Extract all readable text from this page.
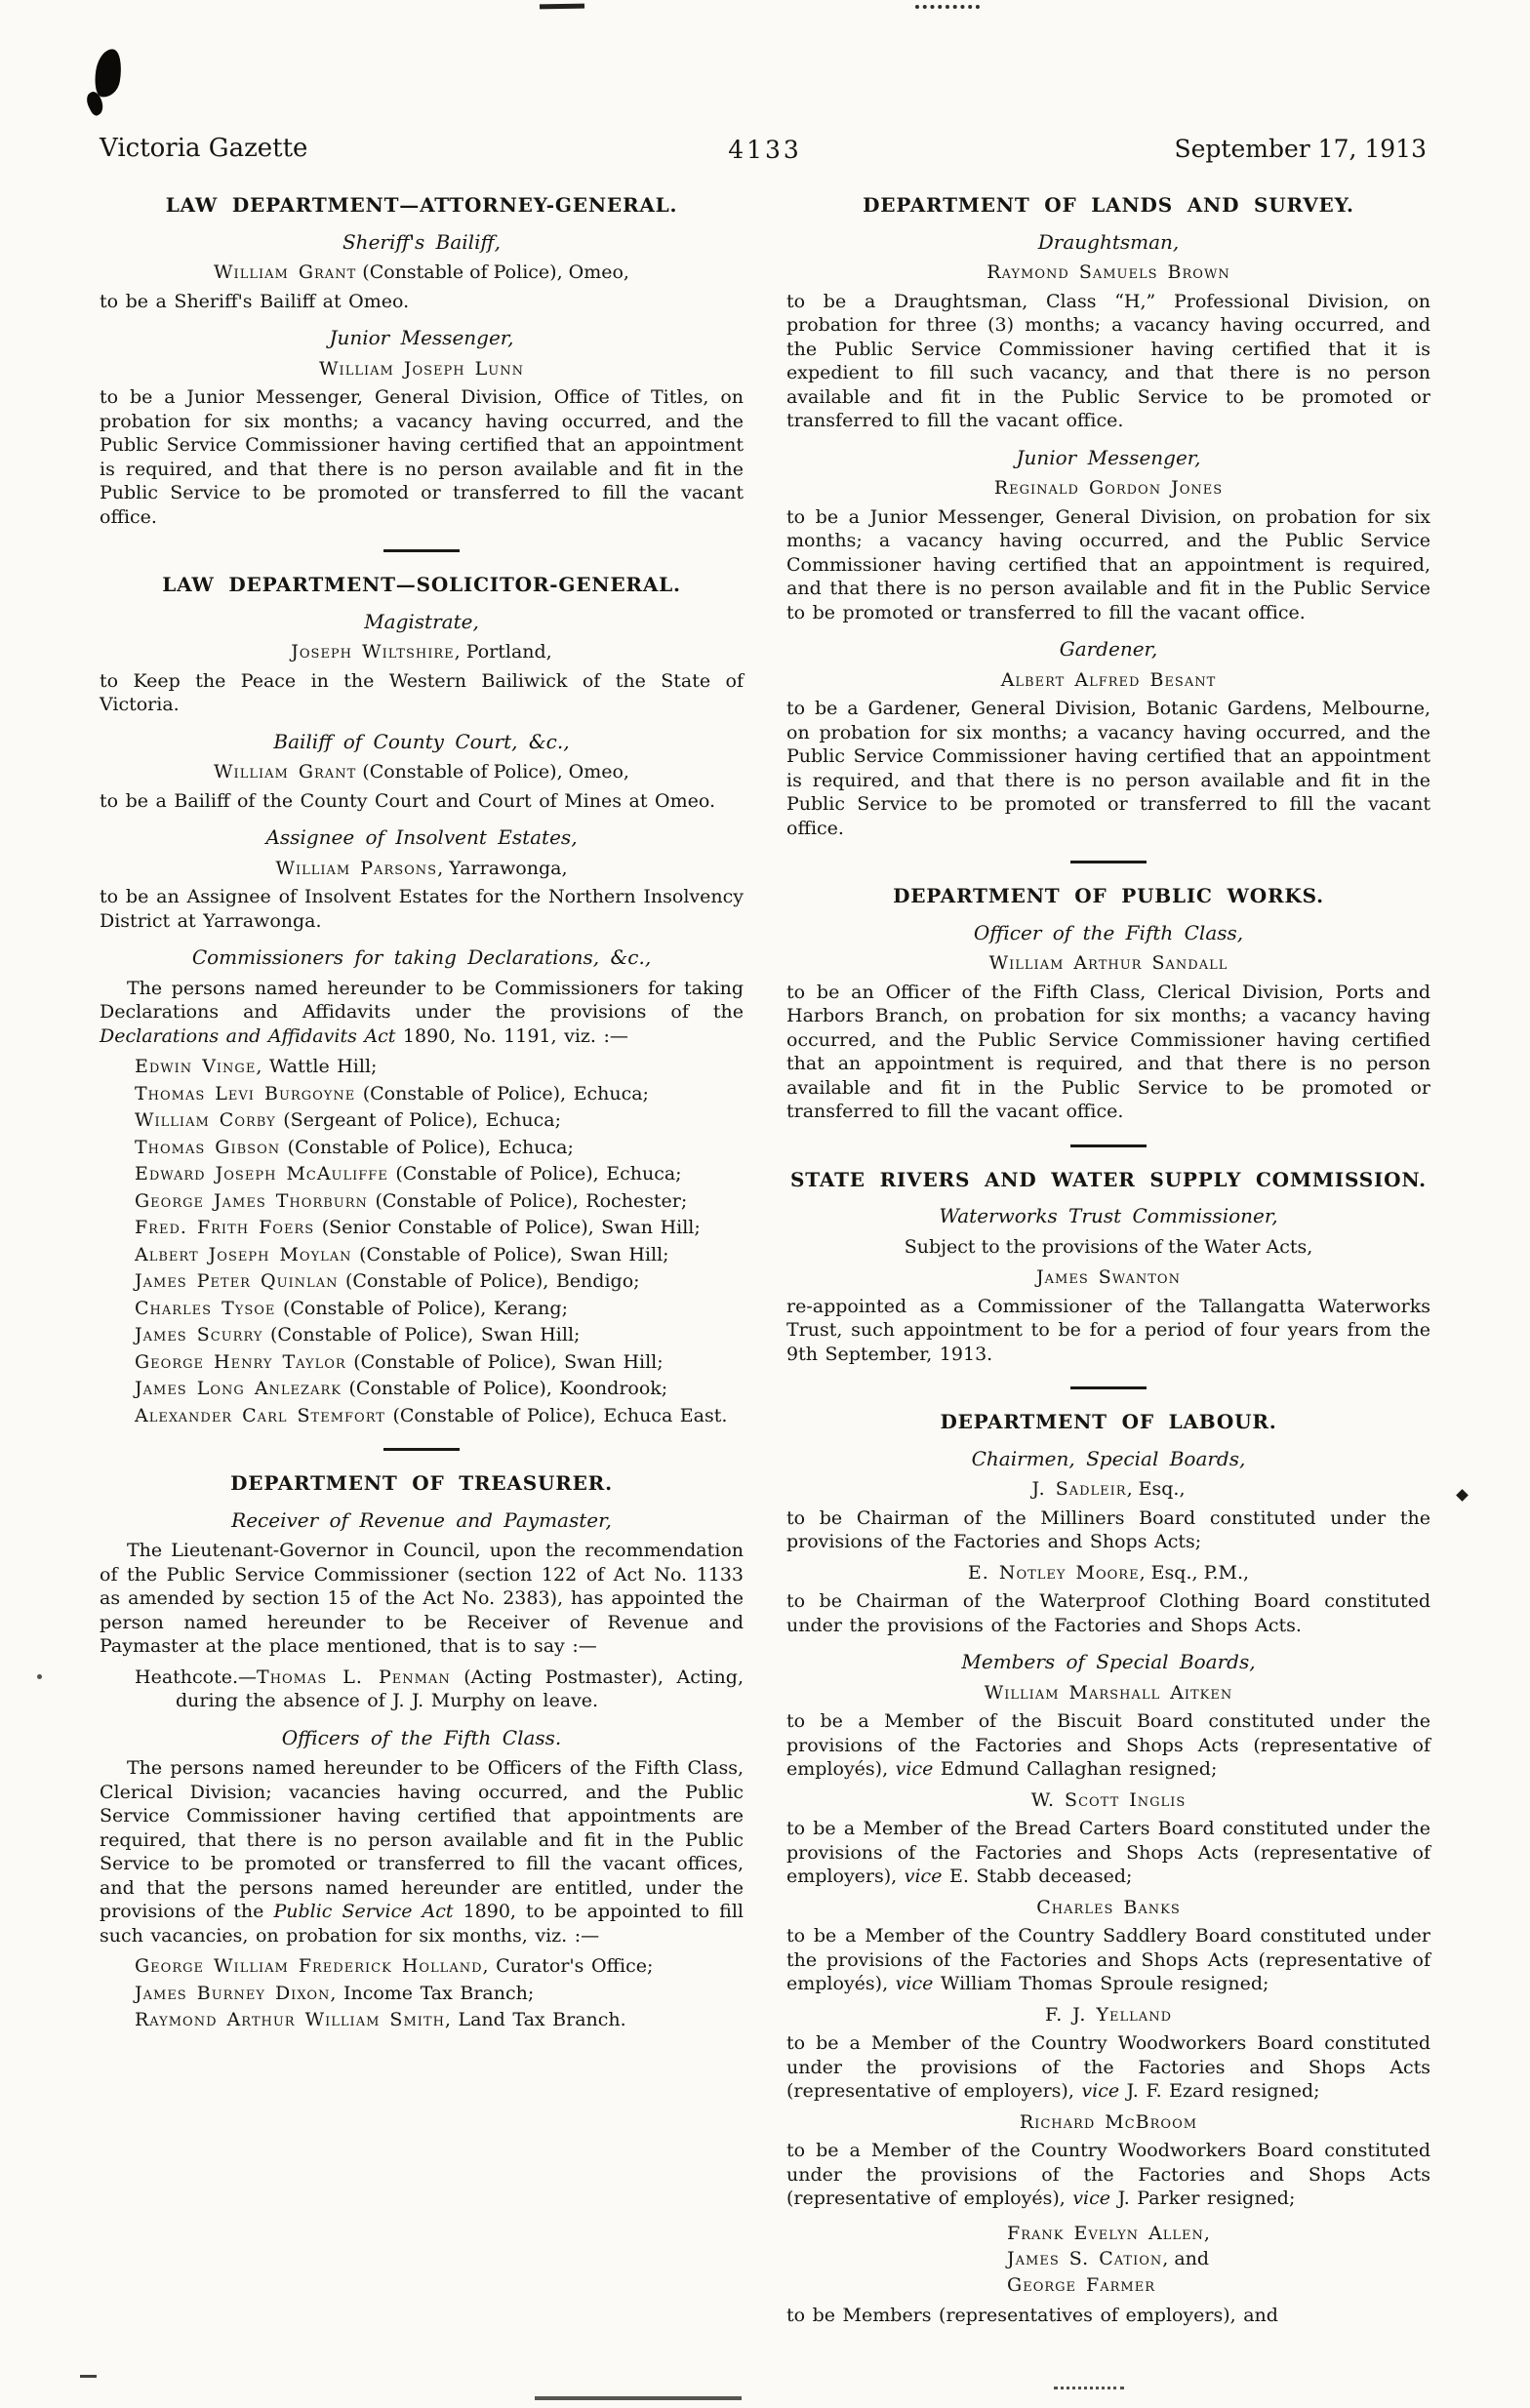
Victoria Gazette	4133	September 17, 1913
LAW DEPARTMENT—ATTORNEY-GENERAL.

Sheriff's Bailiff,

William Grant (Constable of Police), Omeo,

to be a Sheriff's Bailiff at Omeo.

Junior Messenger,

William Joseph Lunn

to be a Junior Messenger, General Division, Office of Titles, on probation for six months; a vacancy having occurred, and the Public Service Commissioner having certified that an appointment is required, and that there is no person available and fit in the Public Service to be promoted or transferred to fill the vacant office.

LAW DEPARTMENT—SOLICITOR-GENERAL.

Magistrate,

Joseph Wiltshire, Portland,

to Keep the Peace in the Western Bailiwick of the State of Victoria.

Bailiff of County Court, &c.,

William Grant (Constable of Police), Omeo,

to be a Bailiff of the County Court and Court of Mines at Omeo.

Assignee of Insolvent Estates,

William Parsons, Yarrawonga,

to be an Assignee of Insolvent Estates for the Northern Insolvency District at Yarrawonga.

Commissioners for taking Declarations, &c.,

The persons named hereunder to be Commissioners for taking Declarations and Affidavits under the provisions of the Declarations and Affidavits Act 1890, No. 1191, viz. :—

Edwin Vinge, Wattle Hill;

Thomas Levi Burgoyne (Constable of Police), Echuca;

William Corby (Sergeant of Police), Echuca;

Thomas Gibson (Constable of Police), Echuca;

Edward Joseph McAuliffe (Constable of Police), Echuca;

George James Thorburn (Constable of Police), Rochester;

Fred. Frith Foers (Senior Constable of Police), Swan Hill;

Albert Joseph Moylan (Constable of Police), Swan Hill;

James Peter Quinlan (Constable of Police), Bendigo;

Charles Tysoe (Constable of Police), Kerang;

James Scurry (Constable of Police), Swan Hill;

George Henry Taylor (Constable of Police), Swan Hill;

James Long Anlezark (Constable of Police), Koondrook;

Alexander Carl Stemfort (Constable of Police), Echuca East.

DEPARTMENT OF TREASURER.

Receiver of Revenue and Paymaster,

The Lieutenant-Governor in Council, upon the recommendation of the Public Service Commissioner (section 122 of Act No. 1133 as amended by section 15 of the Act No. 2383), has appointed the person named hereunder to be Receiver of Revenue and Paymaster at the place mentioned, that is to say :—

Heathcote.—Thomas L. Penman (Acting Postmaster), Acting, during the absence of J. J. Murphy on leave.

Officers of the Fifth Class.

The persons named hereunder to be Officers of the Fifth Class, Clerical Division; vacancies having occurred, and the Public Service Commissioner having certified that appointments are required, that there is no person available and fit in the Public Service to be promoted or transferred to fill the vacant offices, and that the persons named hereunder are entitled, under the provisions of the Public Service Act 1890, to be appointed to fill such vacancies, on probation for six months, viz. :—

George William Frederick Holland, Curator's Office;

James Burney Dixon, Income Tax Branch;

Raymond Arthur William Smith, Land Tax Branch.

DEPARTMENT OF LANDS AND SURVEY.

Draughtsman,

Raymond Samuels Brown

to be a Draughtsman, Class “H,” Professional Division, on probation for three (3) months; a vacancy having occurred, and the Public Service Commissioner having certified that it is expedient to fill such vacancy, and that there is no person available and fit in the Public Service to be promoted or transferred to fill the vacant office.

Junior Messenger,

Reginald Gordon Jones

to be a Junior Messenger, General Division, on probation for six months; a vacancy having occurred, and the Public Service Commissioner having certified that an appointment is required, and that there is no person available and fit in the Public Service to be promoted or transferred to fill the vacant office.

Gardener,

Albert Alfred Besant

to be a Gardener, General Division, Botanic Gardens, Melbourne, on probation for six months; a vacancy having occurred, and the Public Service Commissioner having certified that an appointment is required, and that there is no person available and fit in the Public Service to be promoted or transferred to fill the vacant office.

DEPARTMENT OF PUBLIC WORKS.

Officer of the Fifth Class,

William Arthur Sandall

to be an Officer of the Fifth Class, Clerical Division, Ports and Harbors Branch, on probation for six months; a vacancy having occurred, and the Public Service Commissioner having certified that an appointment is required, and that there is no person available and fit in the Public Service to be promoted or transferred to fill the vacant office.

STATE RIVERS AND WATER SUPPLY COMMISSION.

Waterworks Trust Commissioner,

Subject to the provisions of the Water Acts,

James Swanton

re-appointed as a Commissioner of the Tallangatta Waterworks Trust, such appointment to be for a period of four years from the 9th September, 1913.

DEPARTMENT OF LABOUR.

Chairmen, Special Boards,

J. Sadleir, Esq.,

to be Chairman of the Milliners Board constituted under the provisions of the Factories and Shops Acts;

E. Notley Moore, Esq., P.M.,

to be Chairman of the Waterproof Clothing Board constituted under the provisions of the Factories and Shops Acts.

Members of Special Boards,

William Marshall Aitken

to be a Member of the Biscuit Board constituted under the provisions of the Factories and Shops Acts (representative of employés), vice Edmund Callaghan resigned;

W. Scott Inglis

to be a Member of the Bread Carters Board constituted under the provisions of the Factories and Shops Acts (representative of employers), vice E. Stabb deceased;

Charles Banks

to be a Member of the Country Saddlery Board constituted under the provisions of the Factories and Shops Acts (representative of employés), vice William Thomas Sproule resigned;

F. J. Yelland

to be a Member of the Country Woodworkers Board constituted under the provisions of the Factories and Shops Acts (representative of employers), vice J. F. Ezard resigned;

Richard McBroom

to be a Member of the Country Woodworkers Board constituted under the provisions of the Factories and Shops Acts (representative of employés), vice J. Parker resigned;

Frank Evelyn Allen,
James S. Cation, and
George Farmer

to be Members (representatives of employers), and
